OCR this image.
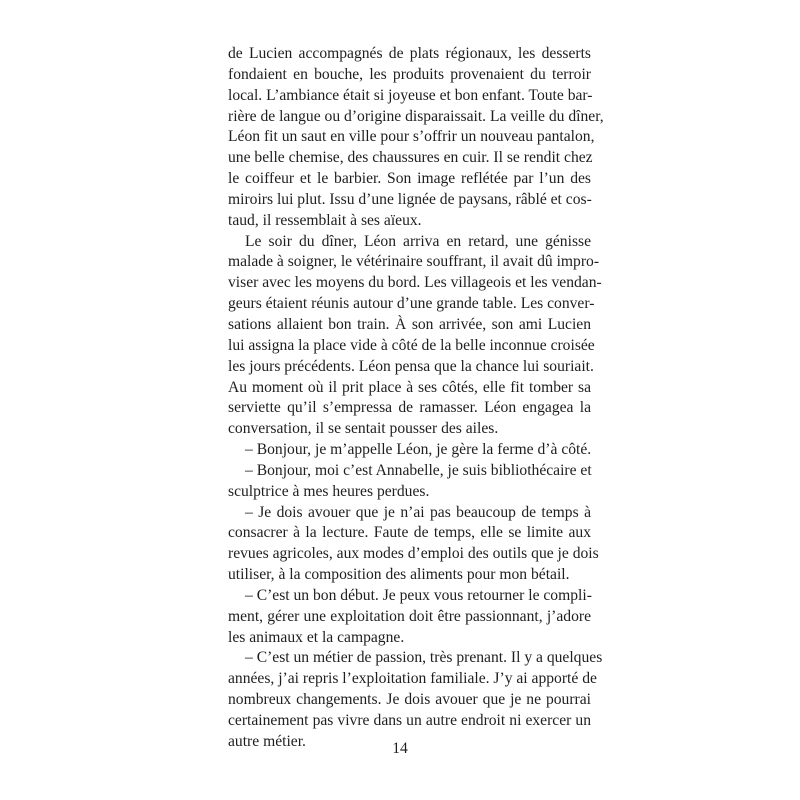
de Lucien accompagnés de plats régionaux, les desserts
fondaient en bouche, les produits provenaient du terroir
local. L’ambiance était si joyeuse et bon enfant. Toute bar-
rière de langue ou d’origine disparaissait. La veille du dîner,
Léon fit un saut en ville pour s’offrir un nouveau pantalon,
une belle chemise, des chaussures en cuir. Il se rendit chez
le coiffeur et le barbier. Son image reflétée par l’un des
miroirs lui plut. Issu d’une lignée de paysans, râblé et cos-
taud, il ressemblait à ses aïeux.
Le soir du dîner, Léon arriva en retard, une génisse
malade à soigner, le vétérinaire souffrant, il avait dû impro-
viser avec les moyens du bord. Les villageois et les vendan-
geurs étaient réunis autour d’une grande table. Les conver-
sations allaient bon train. À son arrivée, son ami Lucien
lui assigna la place vide à côté de la belle inconnue croisée
les jours précédents. Léon pensa que la chance lui souriait.
Au moment où il prit place à ses côtés, elle fit tomber sa
serviette qu’il s’empressa de ramasser. Léon engagea la
conversation, il se sentait pousser des ailes.
– Bonjour, je m’appelle Léon, je gère la ferme d’à côté.
– Bonjour, moi c’est Annabelle, je suis bibliothécaire et
sculptrice à mes heures perdues.
– Je dois avouer que je n’ai pas beaucoup de temps à
consacrer à la lecture. Faute de temps, elle se limite aux
revues agricoles, aux modes d’emploi des outils que je dois
utiliser, à la composition des aliments pour mon bétail.
– C’est un bon début. Je peux vous retourner le compli-
ment, gérer une exploitation doit être passionnant, j’adore
les animaux et la campagne.
– C’est un métier de passion, très prenant. Il y a quelques
années, j’ai repris l’exploitation familiale. J’y ai apporté de
nombreux changements. Je dois avouer que je ne pourrai
certainement pas vivre dans un autre endroit ni exercer un
autre métier.	14
